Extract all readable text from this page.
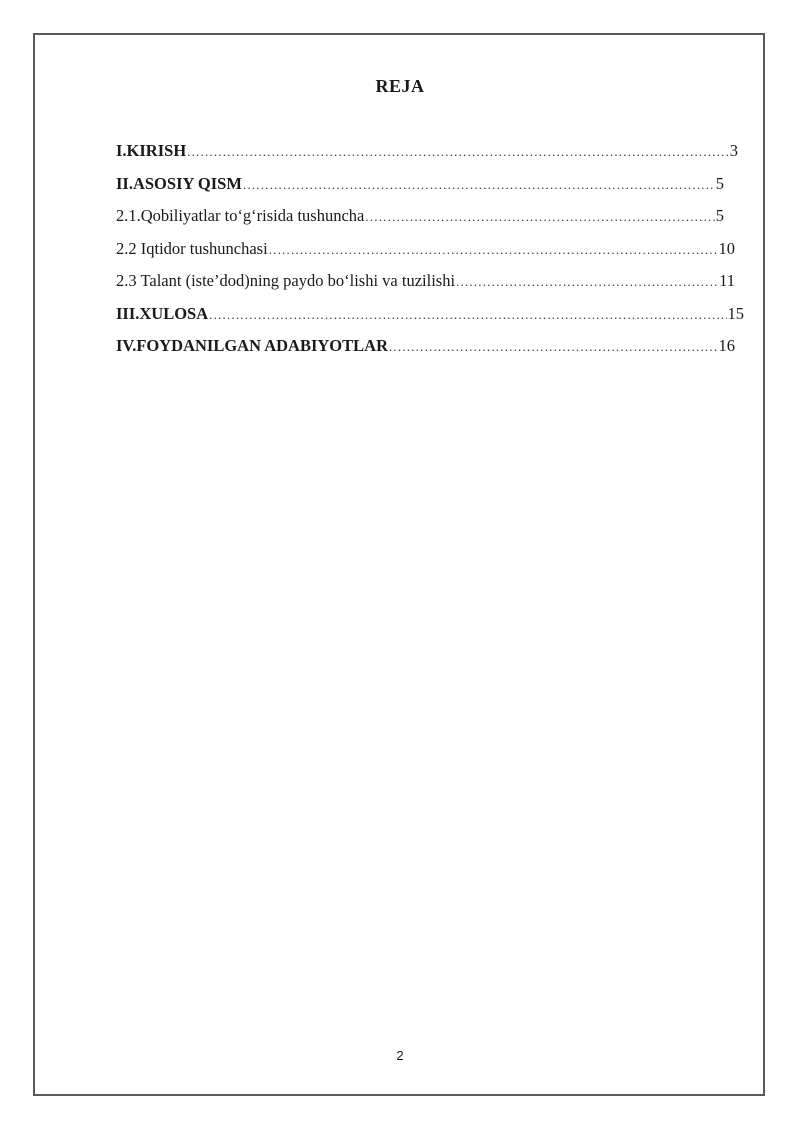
REJA
I.KIRISH .....	3
II.ASOSIY QISM .....	5
2.1.Qobiliyatlar to‘g‘risida tushuncha .....	5
2.2 Iqtidor tushunchasi .....	10
2.3 Talant (iste’dod)ning paydo bo‘lishi va tuzilishi .....	11
III.XULOSA .....	15
IV.FOYDANILGAN ADABIYOTLAR .....	16
2
